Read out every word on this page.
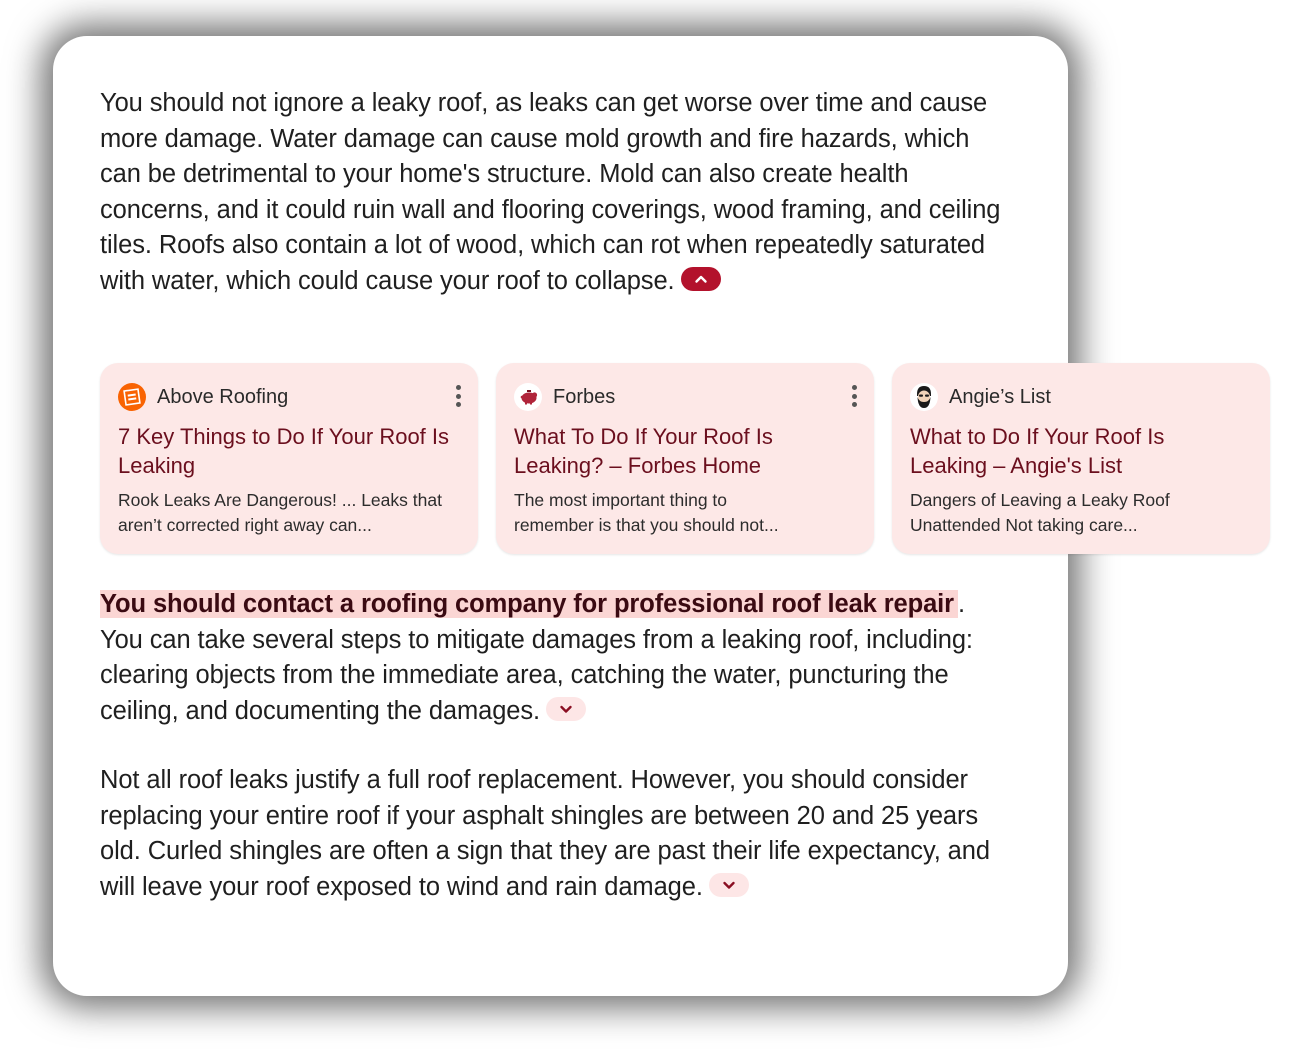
You should not ignore a leaky roof, as leaks can get worse over time and cause more damage. Water damage can cause mold growth and fire hazards, which can be detrimental to your home's structure. Mold can also create health concerns, and it could ruin wall and flooring coverings, wood framing, and ceiling tiles. Roofs also contain a lot of wood, which can rot when repeatedly saturated with water, which could cause your roof to collapse.
Above Roofing
7 Key Things to Do If Your Roof Is
Leaking
Rook Leaks Are Dangerous! ... Leaks that
aren’t corrected right away can...
Forbes
What To Do If Your Roof Is
Leaking? – Forbes Home
The most important thing to
remember is that you should not...
Angie’s List
What to Do If Your Roof Is
Leaking – Angie's List
Dangers of Leaving a Leaky Roof
Unattended Not taking care...
You should contact a roofing company for professional roof leak repair . You can take several steps to mitigate damages from a leaking roof, including: clearing objects from the immediate area, catching the water, puncturing the ceiling, and documenting the damages.
Not all roof leaks justify a full roof replacement. However, you should consider replacing your entire roof if your asphalt shingles are between 20 and 25 years old. Curled shingles are often a sign that they are past their life expectancy, and will leave your roof exposed to wind and rain damage.
